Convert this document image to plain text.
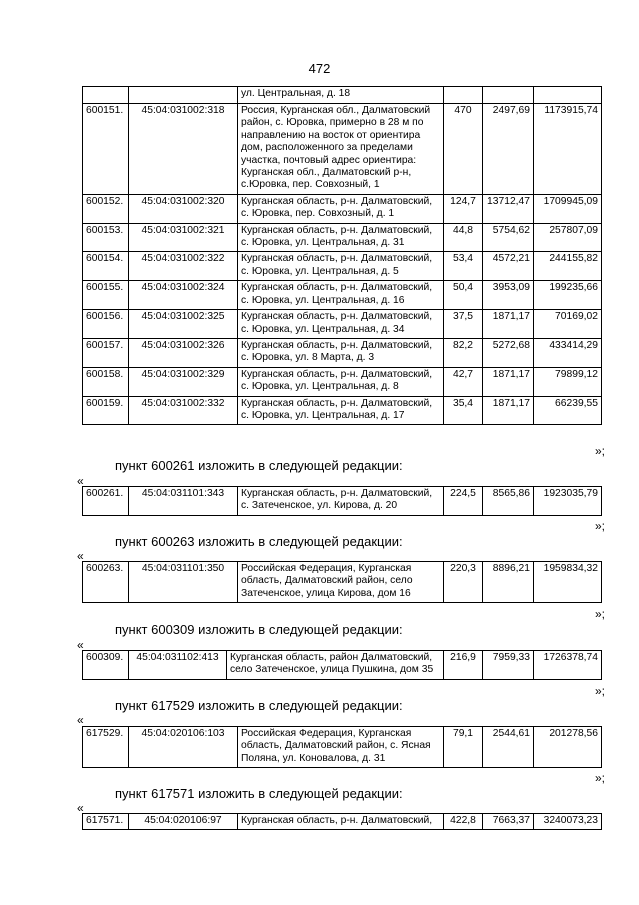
472
		ул. Центральная, д. 18			
600151.	45:04:031002:318	Россия, Курганская обл., Далматовский район, с. Юровка, примерно в 28 м по направлению на восток от ориентира дом, расположенного за пределами участка, почтовый адрес ориентира: Курганская обл., Далматовский р-н, с.Юровка, пер. Совхозный, 1	470	2497,69	1173915,74
600152.	45:04:031002:320	Курганская область, р-н. Далматовский, с. Юровка, пер. Совхозный, д. 1	124,7	13712,47	1709945,09
600153.	45:04:031002:321	Курганская область, р-н. Далматовский, с. Юровка, ул. Центральная, д. 31	44,8	5754,62	257807,09
600154.	45:04:031002:322	Курганская область, р-н. Далматовский, с. Юровка, ул. Центральная, д. 5	53,4	4572,21	244155,82
600155.	45:04:031002:324	Курганская область, р-н. Далматовский, с. Юровка, ул. Центральная, д. 16	50,4	3953,09	199235,66
600156.	45:04:031002:325	Курганская область, р-н. Далматовский, с. Юровка, ул. Центральная, д. 34	37,5	1871,17	70169,02
600157.	45:04:031002:326	Курганская область, р-н. Далматовский, с. Юровка, ул. 8 Марта, д. 3	82,2	5272,68	433414,29
600158.	45:04:031002:329	Курганская область, р-н. Далматовский, с. Юровка, ул. Центральная, д. 8	42,7	1871,17	79899,12
600159.	45:04:031002:332	Курганская область, р-н. Далматовский, с. Юровка, ул. Центральная, д. 17	35,4	1871,17	66239,55
»;
пункт 600261 изложить в следующей редакции:
«
600261.	45:04:031101:343	Курганская область, р-н. Далматовский, с. Затеченское, ул. Кирова, д. 20	224,5	8565,86	1923035,79
»;
пункт 600263 изложить в следующей редакции:
«
600263.	45:04:031101:350	Российская Федерация, Курганская область, Далматовский район, село Затеченское, улица Кирова, дом 16	220,3	8896,21	1959834,32
»;
пункт 600309 изложить в следующей редакции:
«
600309.	45:04:031102:413	Курганская область, район Далматовский, село Затеченское, улица Пушкина, дом 35	216,9	7959,33	1726378,74
»;
пункт 617529 изложить в следующей редакции:
«
617529.	45:04:020106:103	Российская Федерация, Курганская область, Далматовский район, с. Ясная Поляна, ул. Коновалова, д. 31	79,1	2544,61	201278,56
»;
пункт 617571 изложить в следующей редакции:
«
617571.	45:04:020106:97	Курганская область, р-н. Далматовский,	422,8	7663,37	3240073,23
